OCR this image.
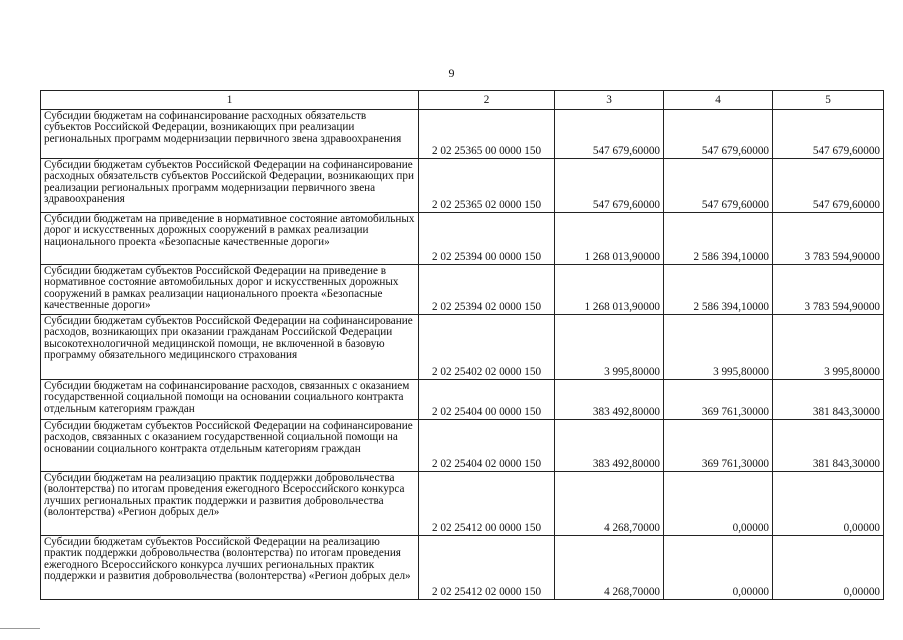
9
1	2	3	4	5
Субсидии бюджетам на софинансирование расходных обязательств субъектов Российской Федерации, возникающих при реализации региональных программ модернизации первичного звена здравоохранения	2 02 25365 00 0000 150	547 679,60000	547 679,60000	547 679,60000
Субсидии бюджетам субъектов Российской Федерации на софинансирование расходных обязательств субъектов Российской Федерации, возникающих при реализации региональных программ модернизации первичного звена здравоохранения	2 02 25365 02 0000 150	547 679,60000	547 679,60000	547 679,60000
Субсидии бюджетам на приведение в нормативное состояние автомобильных дорог и искусственных дорожных сооружений в рамках реализации национального проекта «Безопасные качественные дороги»	2 02 25394 00 0000 150	1 268 013,90000	2 586 394,10000	3 783 594,90000
Субсидии бюджетам субъектов Российской Федерации на приведение в нормативное состояние автомобильных дорог и искусственных дорожных сооружений в рамках реализации национального проекта «Безопасные качественные дороги»	2 02 25394 02 0000 150	1 268 013,90000	2 586 394,10000	3 783 594,90000
Субсидии бюджетам субъектов Российской Федерации на софинансирование расходов, возникающих при оказании гражданам Российской Федерации высокотехнологичной медицинской помощи, не включенной в базовую программу обязательного медицинского страхования	2 02 25402 02 0000 150	3 995,80000	3 995,80000	3 995,80000
Субсидии бюджетам на софинансирование расходов, связанных с оказанием государственной социальной помощи на основании социального контракта отдельным категориям граждан	2 02 25404 00 0000 150	383 492,80000	369 761,30000	381 843,30000
Субсидии бюджетам субъектов Российской Федерации на софинансирование расходов, связанных с оказанием государственной социальной помощи на основании социального контракта отдельным категориям граждан	2 02 25404 02 0000 150	383 492,80000	369 761,30000	381 843,30000
Субсидии бюджетам на реализацию практик поддержки добровольчества (волонтерства) по итогам проведения ежегодного Всероссийского конкурса лучших региональных практик поддержки и развития добровольчества (волонтерства) «Регион добрых дел»	2 02 25412 00 0000 150	4 268,70000	0,00000	0,00000
Субсидии бюджетам субъектов Российской Федерации на реализацию практик поддержки добровольчества (волонтерства) по итогам проведения ежегодного Всероссийского конкурса лучших региональных практик поддержки и развития добровольчества (волонтерства) «Регион добрых дел»	2 02 25412 02 0000 150	4 268,70000	0,00000	0,00000
